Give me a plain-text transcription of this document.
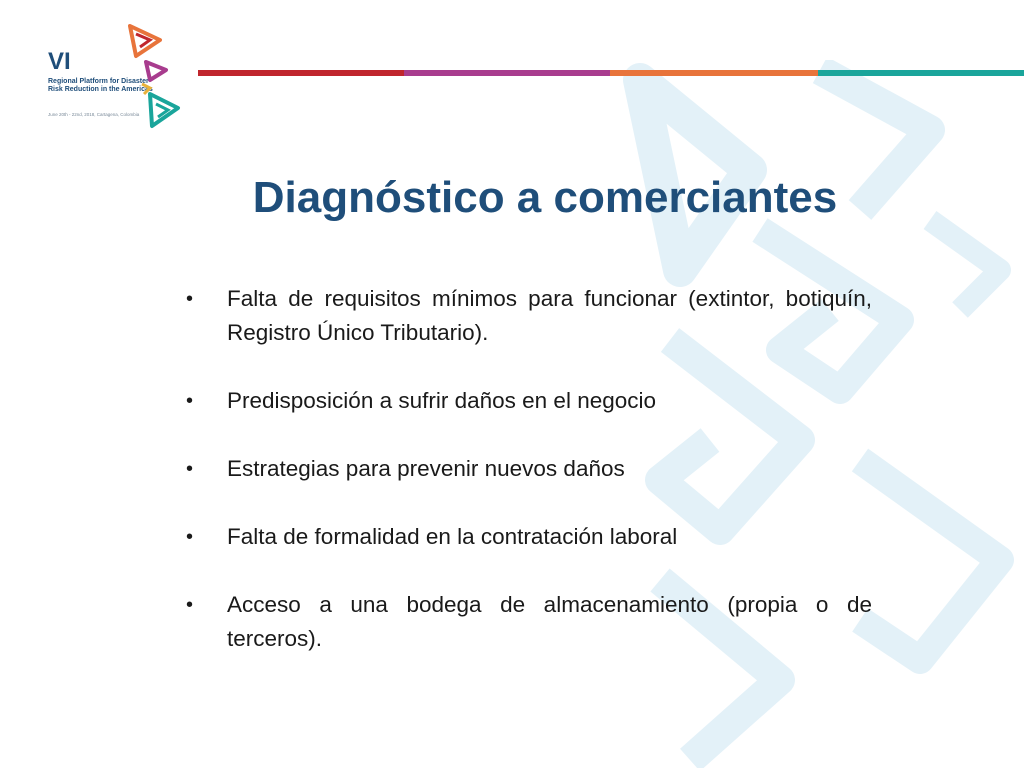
VI
Regional Platform for Disaster Risk Reduction in the Americas
June 20th - 22nd, 2018, Cartagena, Colombia
Diagnóstico a comerciantes
• Falta de requisitos mínimos para funcionar (extintor, botiquín, Registro Único Tributario).
• Predisposición a sufrir daños en el negocio
• Estrategias para prevenir nuevos daños
• Falta de formalidad en la contratación laboral
• Acceso a una bodega de almacenamiento (propia o de terceros).
